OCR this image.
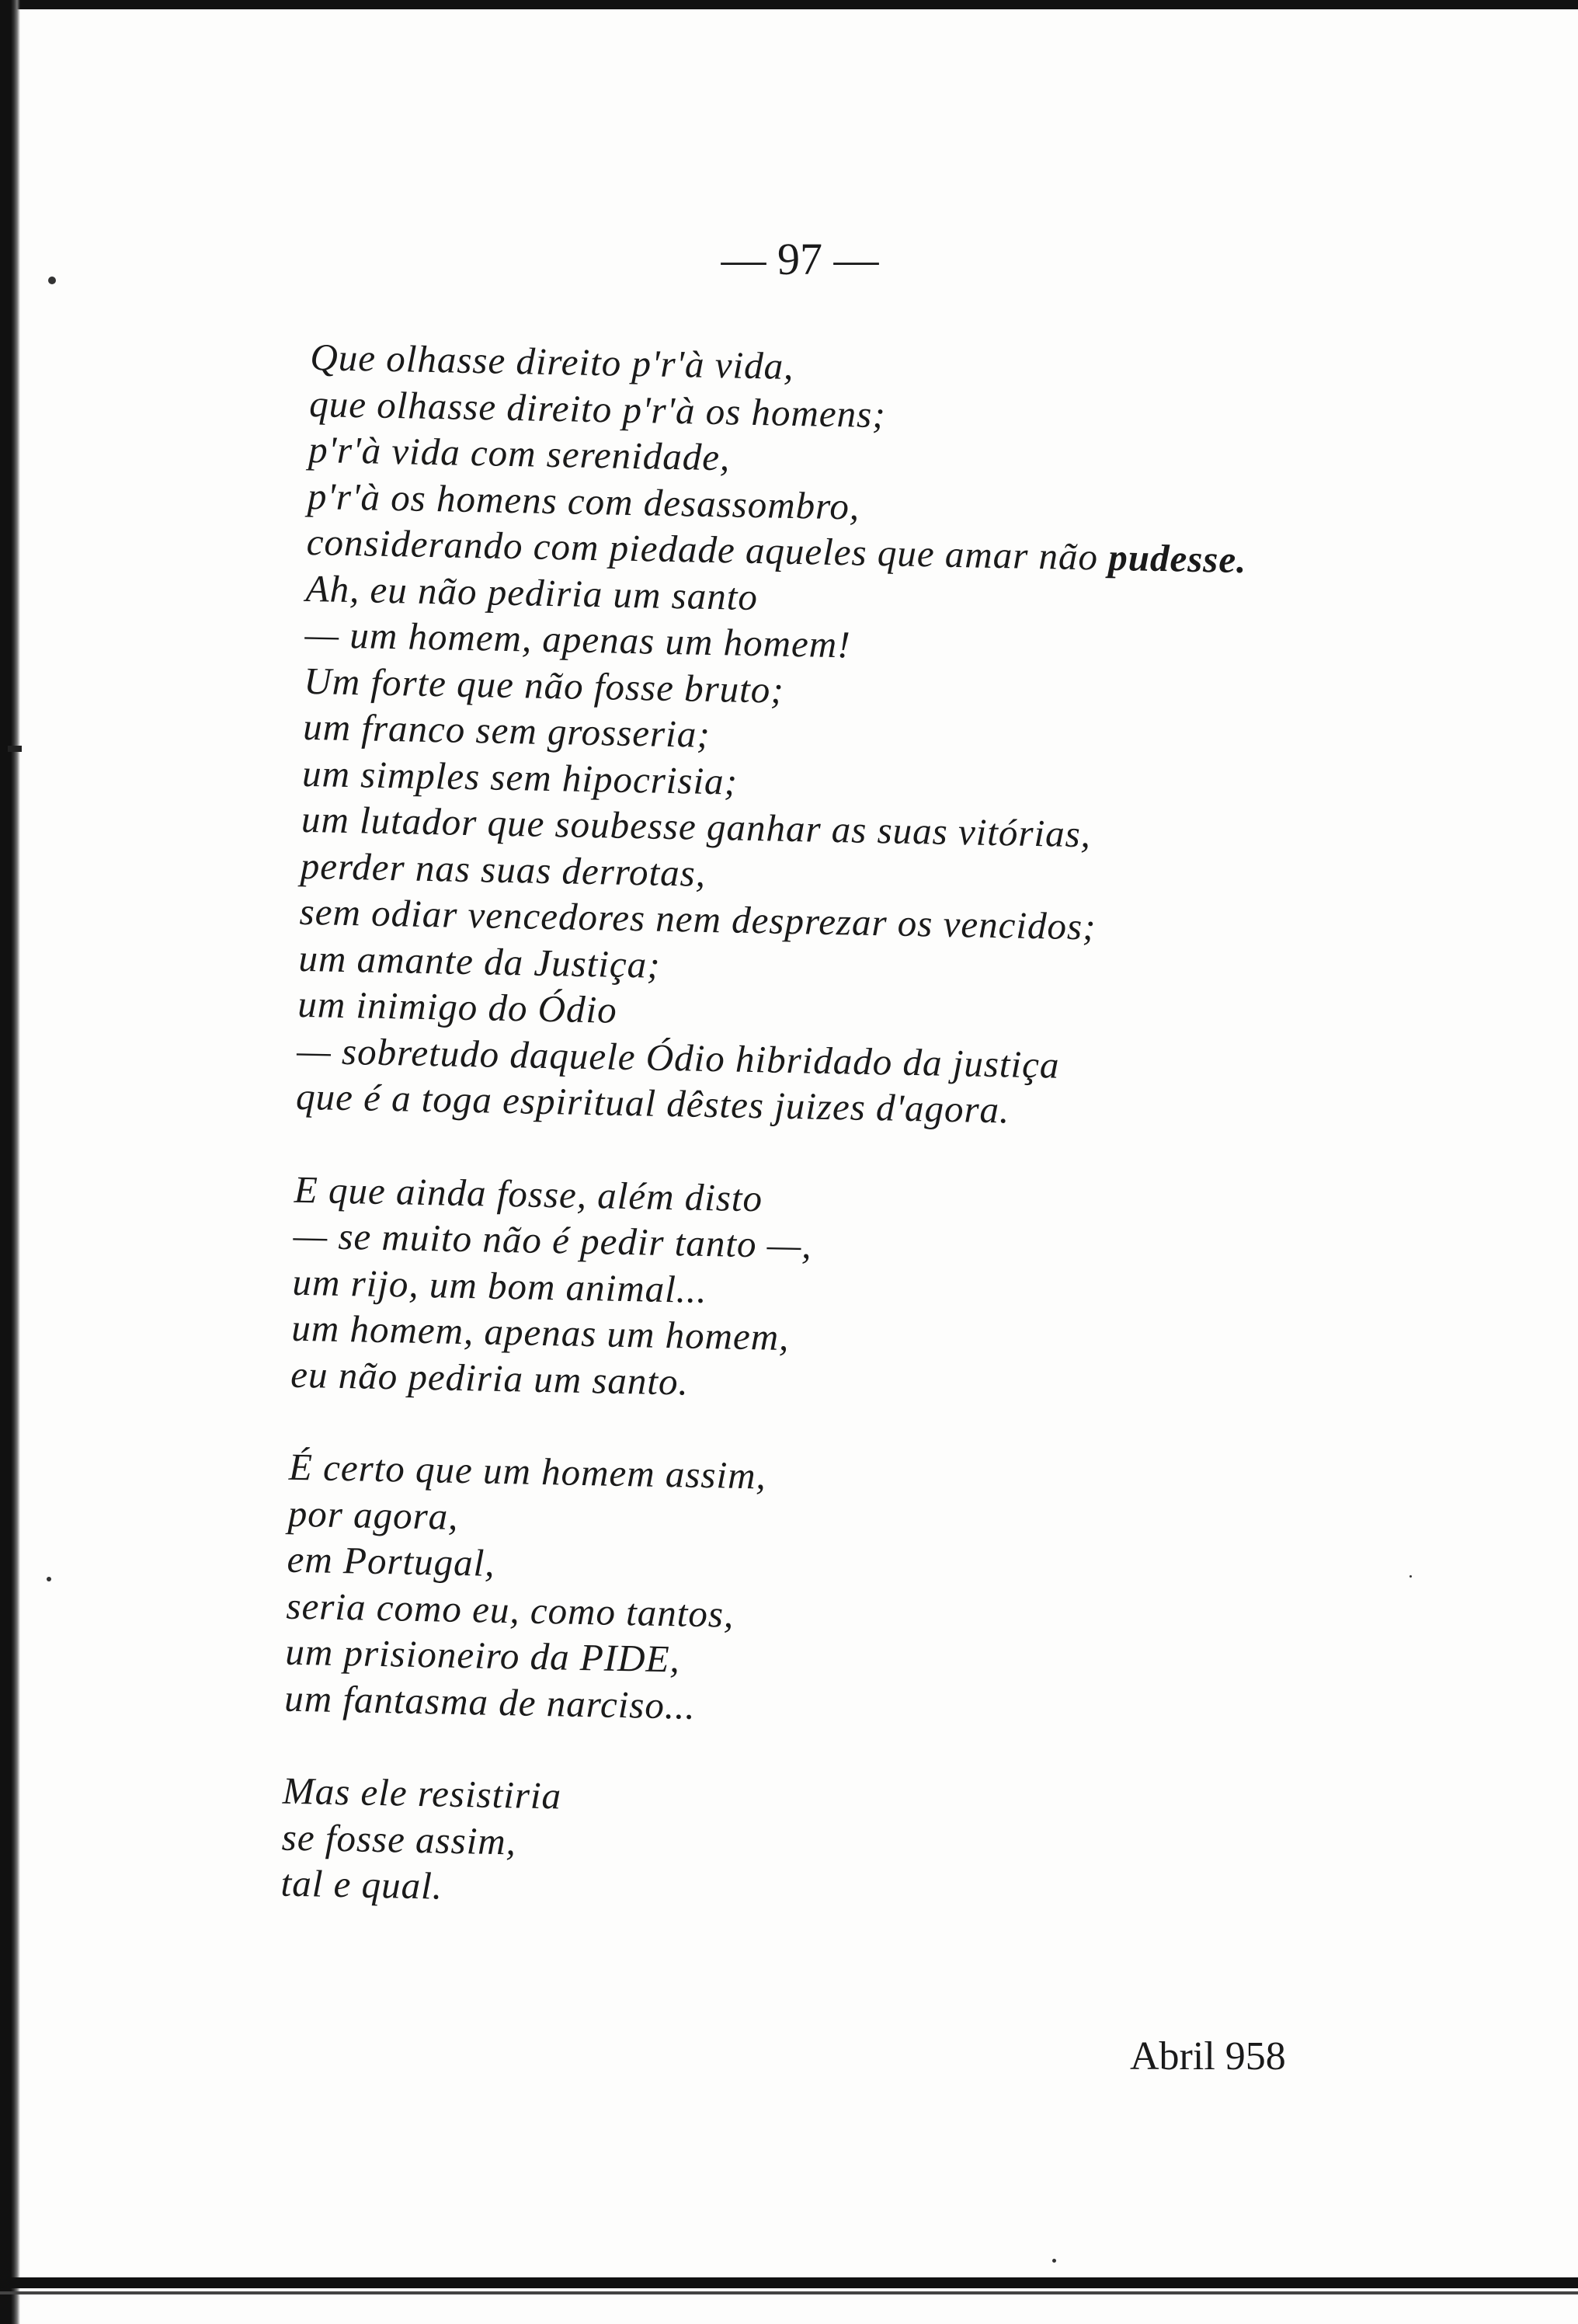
— 97 —
Que olhasse direito p'r'à vida,
que olhasse direito p'r'à os homens;
p'r'à vida com serenidade,
p'r'à os homens com desassombro,
considerando com piedade aqueles que amar não pudesse.
Ah, eu não pediria um santo
— um homem, apenas um homem!
Um forte que não fosse bruto;
um franco sem grosseria;
um simples sem hipocrisia;
um lutador que soubesse ganhar as suas vitórias,
perder nas suas derrotas,
sem odiar vencedores nem desprezar os vencidos;
um amante da Justiça;
um inimigo do Ódio
— sobretudo daquele Ódio hibridado da justiça
que é a toga espiritual dêstes juizes d'agora.
E que ainda fosse, além disto
— se muito não é pedir tanto —,
um rijo, um bom animal...
um homem, apenas um homem,
eu não pediria um santo.
É certo que um homem assim,
por agora,
em Portugal,
seria como eu, como tantos,
um prisioneiro da PIDE,
um fantasma de narciso...
Mas ele resistiria
se fosse assim,
tal e qual.
Abril 958
